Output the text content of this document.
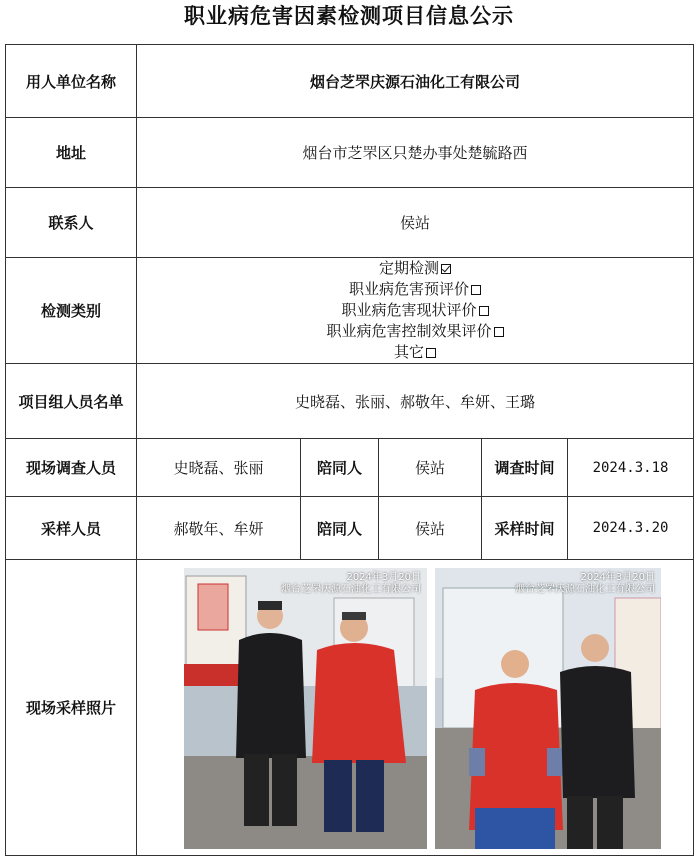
职业病危害因素检测项目信息公示
用人单位名称	烟台芝罘庆源石油化工有限公司				
地址	烟台市芝罘区只楚办事处楚毓路西				
联系人	侯站				
检测类别	定期检测
职业病危害预评价
职业病危害现状评价
职业病危害控制效果评价
其它				

项目组人员名单	史晓磊、张丽、郝敬年、牟妍、王璐				
现场调查人员	史晓磊、张丽	陪同人	侯站	调查时间	2024.3.18
采样人员	郝敬年、牟妍	陪同人	侯站	采样时间	2024.3.20
现场采样照片	2024年3月20日
烟台芝罘庆源石油化工有限公司
2024年3月20日
烟台芝罘庆源石油化工有限公司				
